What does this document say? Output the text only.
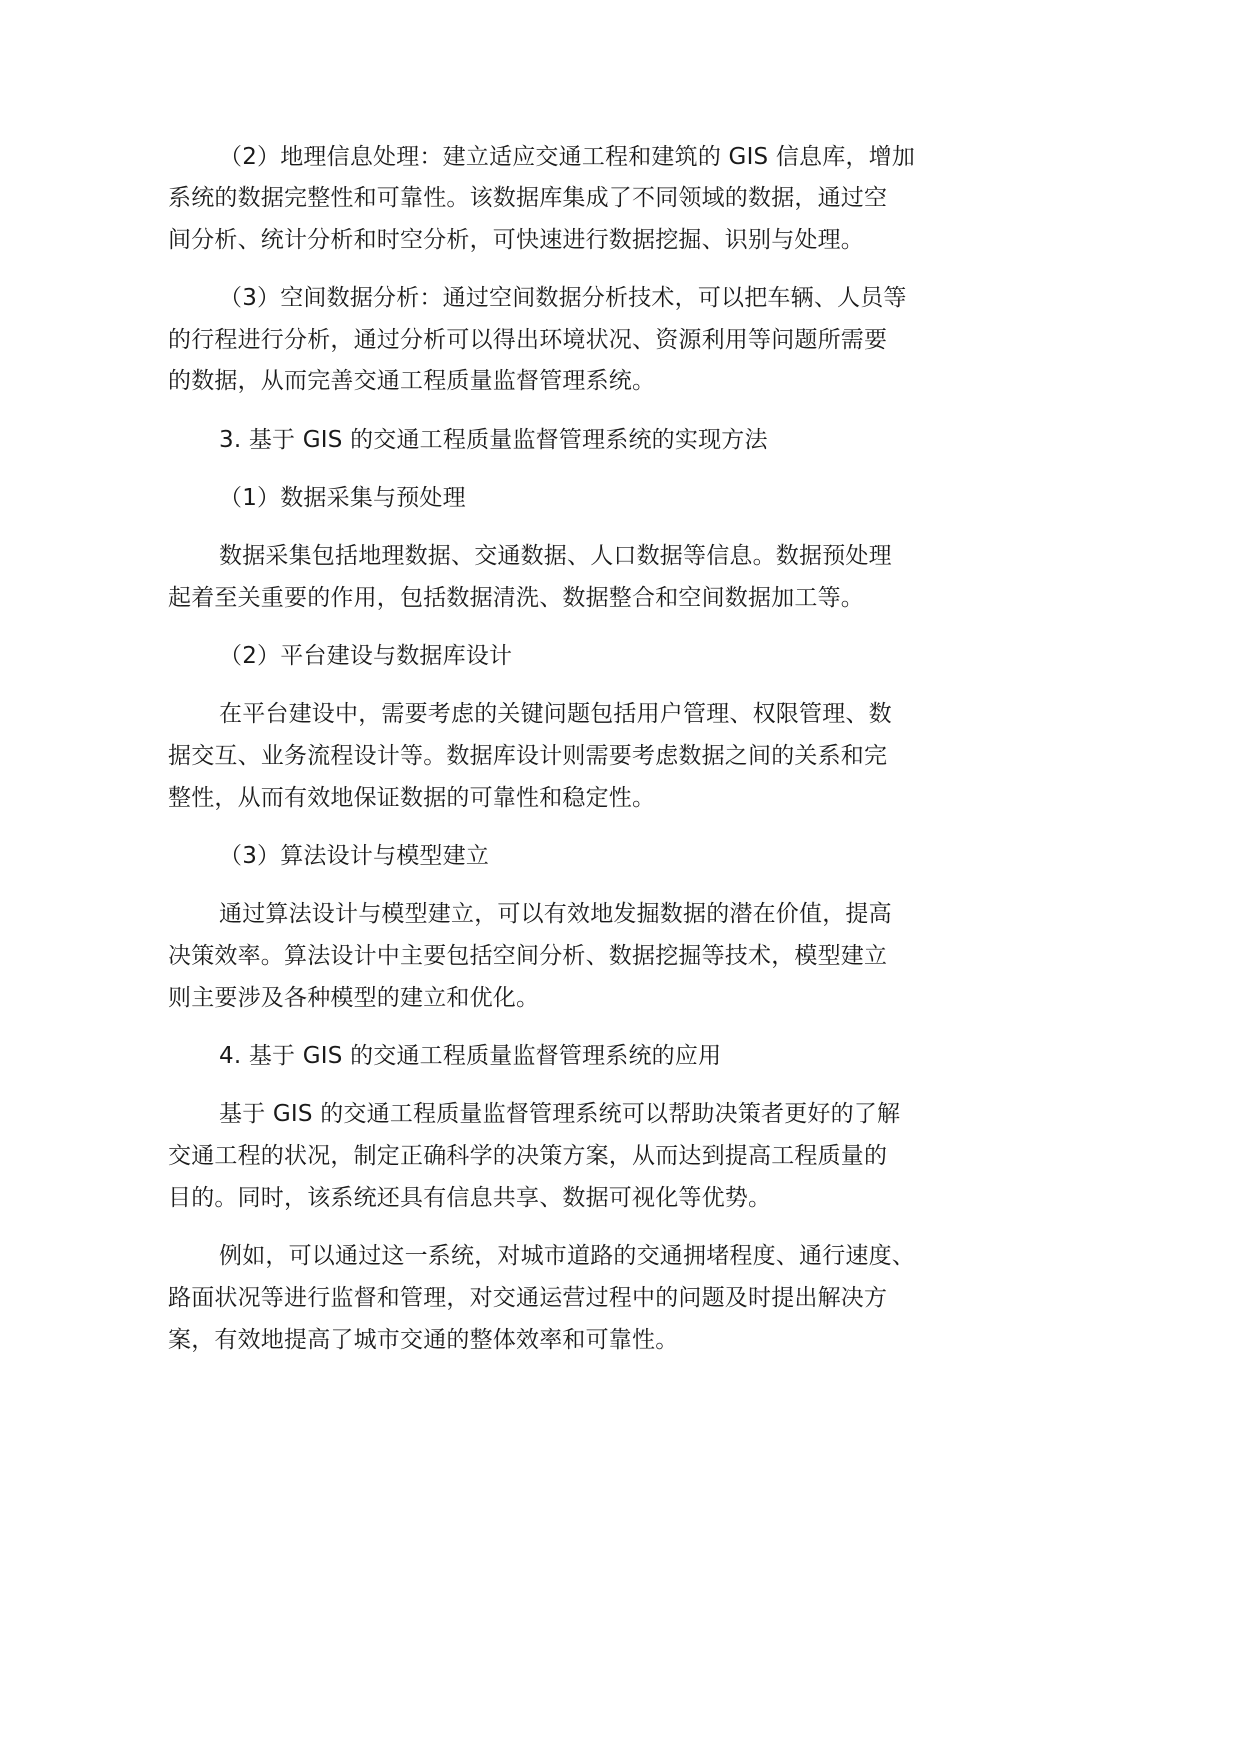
（2）地理信息处理：建立适应交通工程和建筑的 GIS 信息库，增加

系统的数据完整性和可靠性。该数据库集成了不同领域的数据，通过空

间分析、统计分析和时空分析，可快速进行数据挖掘、识别与处理。

（3）空间数据分析：通过空间数据分析技术，可以把车辆、人员等

的行程进行分析，通过分析可以得出环境状况、资源利用等问题所需要

的数据，从而完善交通工程质量监督管理系统。

3. 基于 GIS 的交通工程质量监督管理系统的实现方法

（1）数据采集与预处理

数据采集包括地理数据、交通数据、人口数据等信息。数据预处理

起着至关重要的作用，包括数据清洗、数据整合和空间数据加工等。

（2）平台建设与数据库设计

在平台建设中，需要考虑的关键问题包括用户管理、权限管理、数

据交互、业务流程设计等。数据库设计则需要考虑数据之间的关系和完

整性，从而有效地保证数据的可靠性和稳定性。

（3）算法设计与模型建立

通过算法设计与模型建立，可以有效地发掘数据的潜在价值，提高

决策效率。算法设计中主要包括空间分析、数据挖掘等技术，模型建立

则主要涉及各种模型的建立和优化。

4. 基于 GIS 的交通工程质量监督管理系统的应用

基于 GIS 的交通工程质量监督管理系统可以帮助决策者更好的了解

交通工程的状况，制定正确科学的决策方案，从而达到提高工程质量的

目的。同时，该系统还具有信息共享、数据可视化等优势。

例如，可以通过这一系统，对城市道路的交通拥堵程度、通行速度、

路面状况等进行监督和管理，对交通运营过程中的问题及时提出解决方

案，有效地提高了城市交通的整体效率和可靠性。
